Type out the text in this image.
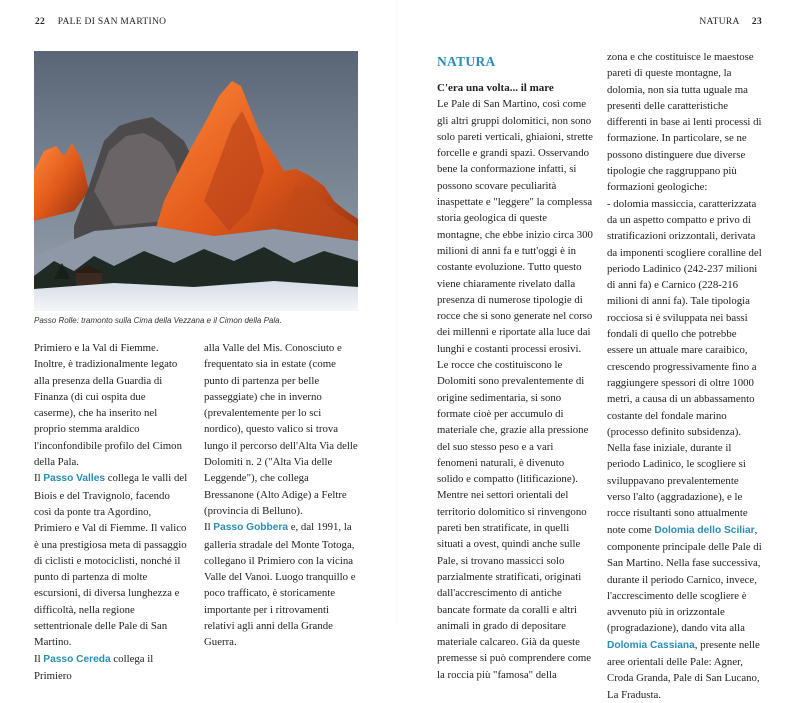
22 PALE DI SAN MARTINO	NATURA 23
Passo Rolle: tramonto sulla Cima della Vezzana e il Cimon della Pala.

Primiero e la Val di Fiemme. Inoltre, è tradizionalmente legato alla presenza della Guardia di Finanza (di cui ospita due caserme), che ha inserito nel proprio stemma araldico l'inconfondibile profilo del Cimon della Pala.

Il Passo Valles collega le valli del Biois e del Travignolo, facendo così da ponte tra Agordino, Primiero e Val di Fiemme. Il valico è una prestigiosa meta di passaggio di ciclisti e motociclisti, nonché il punto di partenza di molte escursioni, di diversa lunghezza e difficoltà, nella regione settentrionale delle Pale di San Martino.

Il Passo Cereda collega il Primiero

alla Valle del Mis. Conosciuto e frequentato sia in estate (come punto di partenza per belle passeggiate) che in inverno (prevalentemente per lo sci nordico), questo valico si trova lungo il percorso dell'Alta Via delle Dolomiti n. 2 ("Alta Via delle Leggende"), che collega Bressanone (Alto Adige) a Feltre (provincia di Belluno).

Il Passo Gobbera e, dal 1991, la galleria stradale del Monte Totoga, collegano il Primiero con la vicina Valle del Vanoi. Luogo tranquillo e poco trafficato, è storicamente importante per i ritrovamenti relativi agli anni della Grande Guerra.

NATURA

C'era una volta... il mare

Le Pale di San Martino, così come gli altri gruppi dolomitici, non sono solo pareti verticali, ghiaioni, strette forcelle e grandi spazi. Osservando bene la conformazione infatti, si possono scovare peculiarità inaspettate e "leggere" la complessa storia geologica di queste montagne, che ebbe inizio circa 300 milioni di anni fa e tutt'oggi è in costante evoluzione. Tutto questo viene chiaramente rivelato dalla presenza di numerose tipologie di rocce che si sono generate nel corso dei millenni e riportate alla luce dai lunghi e costanti processi erosivi.

Le rocce che costituiscono le Dolomiti sono prevalentemente di origine sedimentaria, si sono formate cioè per accumulo di materiale che, grazie alla pressione del suo stesso peso e a vari fenomeni naturali, è divenuto solido e compatto (litificazione).

Mentre nei settori orientali del territorio dolomitico si rinvengono pareti ben stratificate, in quelli situati a ovest, quindi anche sulle Pale, si trovano massicci solo parzialmente stratificati, originati dall'accrescimento di antiche bancate formate da coralli e altri animali in grado di depositare materiale calcareo. Già da queste premesse si può comprendere come la roccia più "famosa" della

zona e che costituisce le maestose pareti di queste montagne, la dolomia, non sia tutta uguale ma presenti delle caratteristiche differenti in base ai lenti processi di formazione. In particolare, se ne possono distinguere due diverse tipologie che raggruppano più formazioni geologiche:

- dolomia massiccia, caratterizzata da un aspetto compatto e privo di stratificazioni orizzontali, derivata da imponenti scogliere coralline del periodo Ladinico (242-237 milioni di anni fa) e Carnico (228-216 milioni di anni fa). Tale tipologia rocciosa si è sviluppata nei bassi fondali di quello che potrebbe essere un attuale mare caraibico, crescendo progressivamente fino a raggiungere spessori di oltre 1000 metri, a causa di un abbassamento costante del fondale marino (processo definito subsidenza). Nella fase iniziale, durante il periodo Ladinico, le scogliere si sviluppavano prevalentemente verso l'alto (aggradazione), e le rocce risultanti sono attualmente note come Dolomia dello Sciliar, componente principale delle Pale di San Martino. Nella fase successiva, durante il periodo Carnico, invece, l'accrescimento delle scogliere è avvenuto più in orizzontale (progradazione), dando vita alla Dolomia Cassiana, presente nelle aree orientali delle Pale: Agner, Croda Granda, Pale di San Lucano, La Fradusta.
